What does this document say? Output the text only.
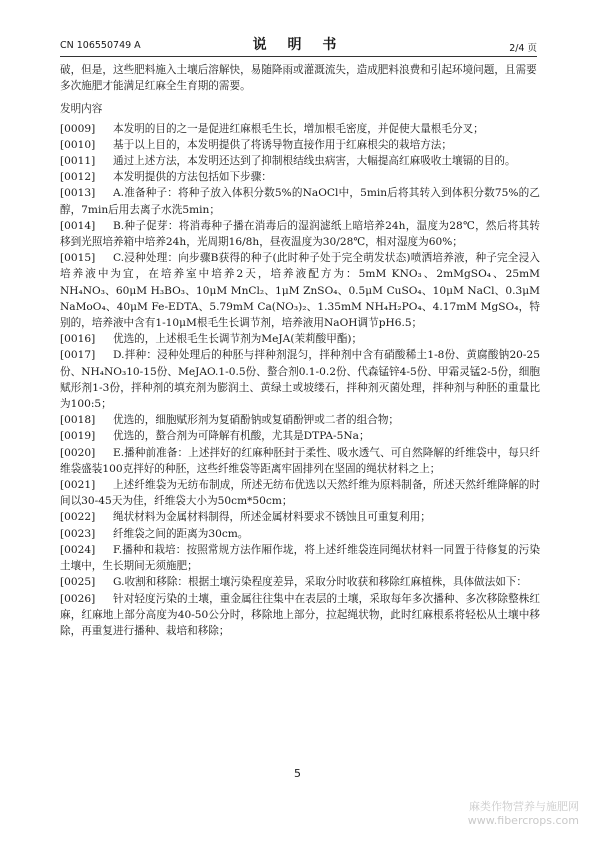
CN 106550749 A	说 明 书	2/4 页

破，但是，这些肥料施入土壤后溶解快，易随降雨或灌溉流失，造成肥料浪费和引起环境问题，且需要多次施肥才能满足红麻全生育期的需要。

发明内容

[0009] 本发明的目的之一是促进红麻根毛生长，增加根毛密度，并促使大量根毛分叉；
[0010] 基于以上目的，本发明提供了将诱导物直接作用于红麻根尖的栽培方法；
[0011]	通过上述方法，本发明还达到了抑制根结线虫病害，大幅提高红麻吸收土壤镉的目的。
[0012] 本发明提供的方法包括如下步骤：
[0013]	A.准备种子：将种子放入体积分数5%的NaOCl中，5min后将其转入到体积分数75%的乙醇，7min后用去离子水洗5min；
[0014]	B.种子促芽：将消毒种子播在消毒后的湿润滤纸上暗培养24h，温度为28℃，然后将其转移到光照培养箱中培养24h，光周期16/8h，昼夜温度为30/28℃，相对湿度为60%；
[0015]	C.浸种处理：向步骤B获得的种子(此时种子处于完全萌发状态)喷洒培养液，种子完全浸入培养液中为宜，在培养室中培养2天，培养液配方为：5mM KNO₃、2mMgSO₄、25mM NH₄NO₃、60μM H₃BO₃、10μM MnCl₂、1μM ZnSO₄、0.5μM CuSO₄、10μM NaCl、0.3μM NaMoO₄、40μM Fe-EDTA、5.79mM Ca(NO₃)₂、1.35mM NH₄H₂PO₄、4.17mM MgSO₄，特别的，培养液中含有1-10μM根毛生长调节剂，培养液用NaOH调节pH6.5；
[0016] 优选的，上述根毛生长调节剂为MeJA(茉莉酸甲酯)；
[0017]	D.拌种：浸种处理后的种胚与拌种剂混匀，拌种剂中含有硝酸稀土1-8份、黄腐酸钠20-25份、NH₄NO₃10-15份、MeJAO.1-0.5份、螯合剂0.1-0.2份、代森锰锌4-5份、甲霜灵锰2-5份，细胞赋形剂1-3份，拌种剂的填充剂为膨润土、黄绿土或坡缕石，拌种剂灭菌处理，拌种剂与种胚的重量比为100:5；
[0018] 优选的，细胞赋形剂为复硝酚钠或复硝酚钾或二者的组合物；
[0019] 优选的，螯合剂为可降解有机酸，尤其是DTPA-5Na；
[0020]	E.播种前准备：上述拌好的红麻种胚封于柔性、吸水透气、可自然降解的纤维袋中，每只纤维袋盛装100克拌好的种胚，这些纤维袋等距离牢固排列在坚固的绳状材料之上；
[0021]	上述纤维袋为无纺布制成，所述无纺布优选以天然纤维为原料制备，所述天然纤维降解的时间以30-45天为佳，纤维袋大小为50cm*50cm；
[0022] 绳状材料为金属材料制得，所述金属材料要求不锈蚀且可重复利用；
[0023] 纤维袋之间的距离为30cm。
[0024]	F.播种和栽培：按照常规方法作厢作垅，将上述纤维袋连同绳状材料一同置于待修复的污染土壤中，生长期间无须施肥；
[0025]	G.收割和移除：根据土壤污染程度差异，采取分时收获和移除红麻植株，具体做法如下：
[0026]	针对轻度污染的土壤，重金属往往集中在表层的土壤，采取每年多次播种、多次移除整株红麻，红麻地上部分高度为40-50公分时，移除地上部分，拉起绳状物，此时红麻根系将轻松从土壤中移除，再重复进行播种、栽培和移除；
5
麻类作物营养与施肥网
www.fibercrops.com
